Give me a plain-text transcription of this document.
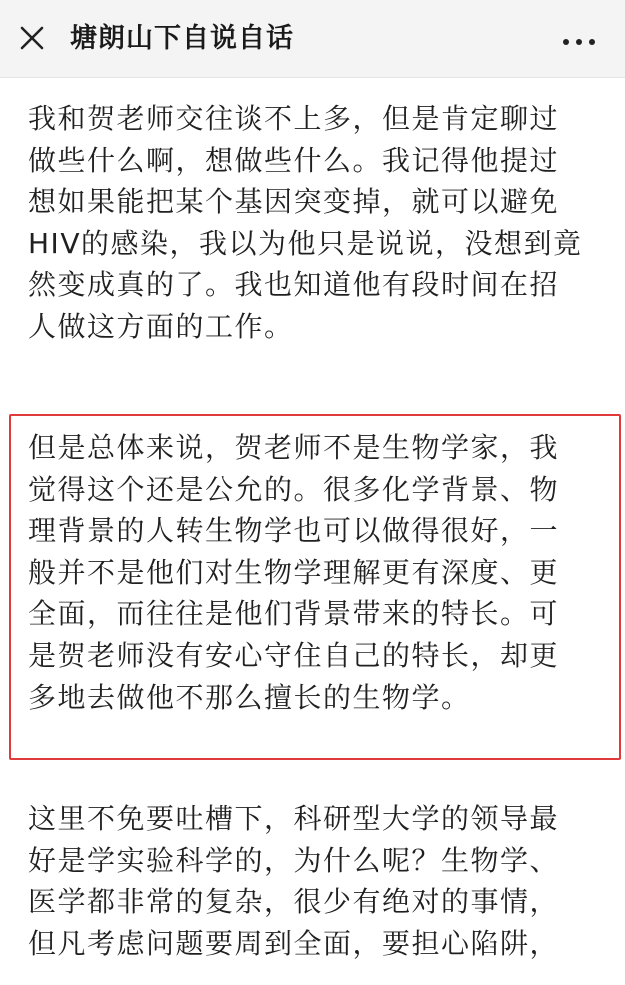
塘朗山下自说自话

我和贺老师交往谈不上多，但是肯定聊过
做些什么啊，想做些什么。我记得他提过
想如果能把某个基因突变掉，就可以避免
HIV的感染，我以为他只是说说，没想到竟
然变成真的了。我也知道他有段时间在招
人做这方面的工作。

但是总体来说，贺老师不是生物学家，我
觉得这个还是公允的。很多化学背景、物
理背景的人转生物学也可以做得很好，一
般并不是他们对生物学理解更有深度、更
全面，而往往是他们背景带来的特长。可
是贺老师没有安心守住自己的特长，却更
多地去做他不那么擅长的生物学。

这里不免要吐槽下，科研型大学的领导最
好是学实验科学的，为什么呢？生物学、
医学都非常的复杂，很少有绝对的事情，
但凡考虑问题要周到全面，要担心陷阱，
